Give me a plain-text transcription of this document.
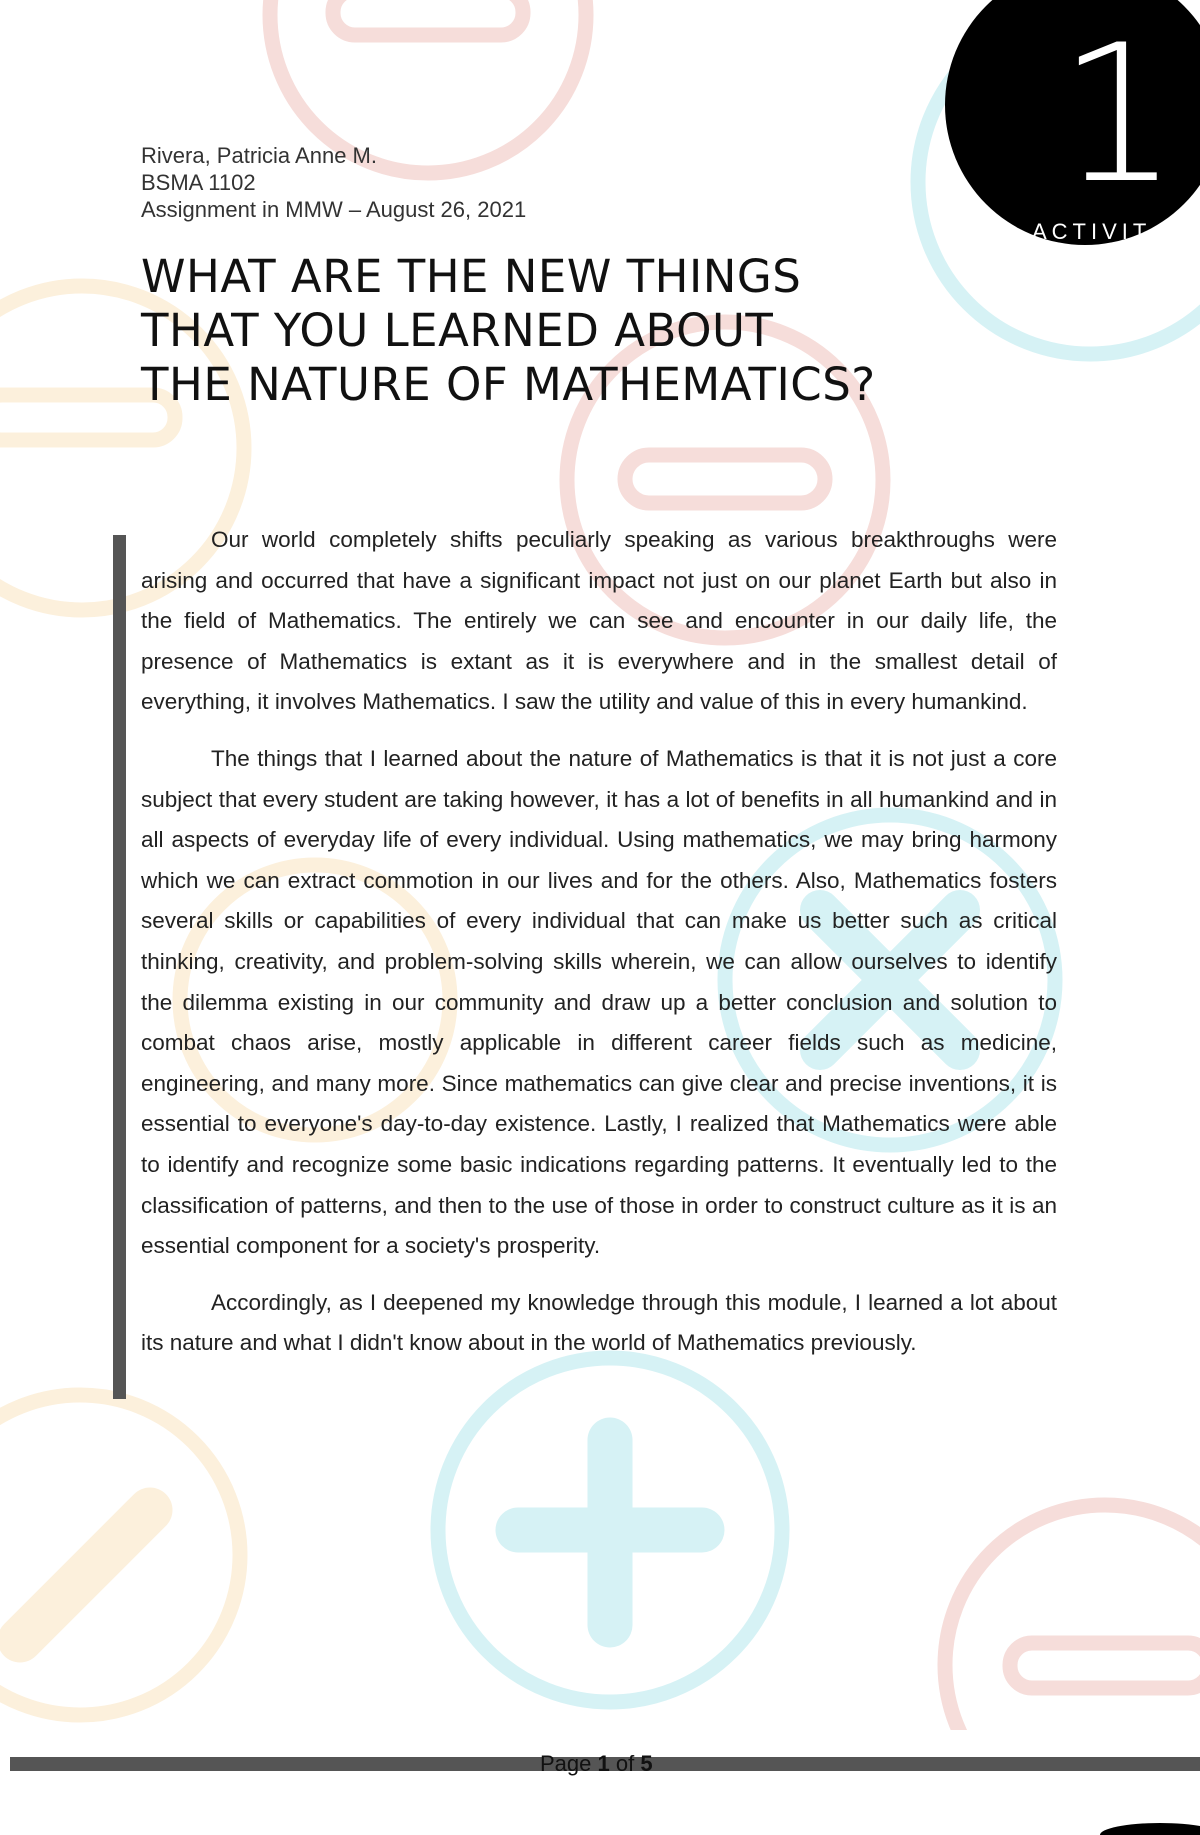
Rivera, Patricia Anne M.
BSMA 1102
Assignment in MMW – August 26, 2021
WHAT ARE THE NEW THINGS
THAT YOU LEARNED ABOUT
THE NATURE OF MATHEMATICS?
1
ACTIVITY

Our world completely shifts peculiarly speaking as various breakthroughs were arising and occurred that have a significant impact not just on our planet Earth but also in the field of Mathematics. The entirely we can see and encounter in our daily life, the presence of Mathematics is extant as it is everywhere and in the smallest detail of everything, it involves Mathematics. I saw the utility and value of this in every humankind.

The things that I learned about the nature of Mathematics is that it is not just a core subject that every student are taking however, it has a lot of benefits in all humankind and in all aspects of everyday life of every individual. Using mathematics, we may bring harmony which we can extract commotion in our lives and for the others. Also, Mathematics fosters several skills or capabilities of every individual that can make us better such as critical thinking, creativity, and problem-solving skills wherein, we can allow ourselves to identify the dilemma existing in our community and draw up a better conclusion and solution to combat chaos arise, mostly applicable in different career fields such as medicine, engineering, and many more. Since mathematics can give clear and precise inventions, it is essential to everyone's day-to-day existence. Lastly, I realized that Mathematics were able to identify and recognize some basic indications regarding patterns. It eventually led to the classification of patterns, and then to the use of those in order to construct culture as it is an essential component for a society's prosperity.

Accordingly, as I deepened my knowledge through this module, I learned a lot about its nature and what I didn't know about in the world of Mathematics previously.

Page 1 of 5
